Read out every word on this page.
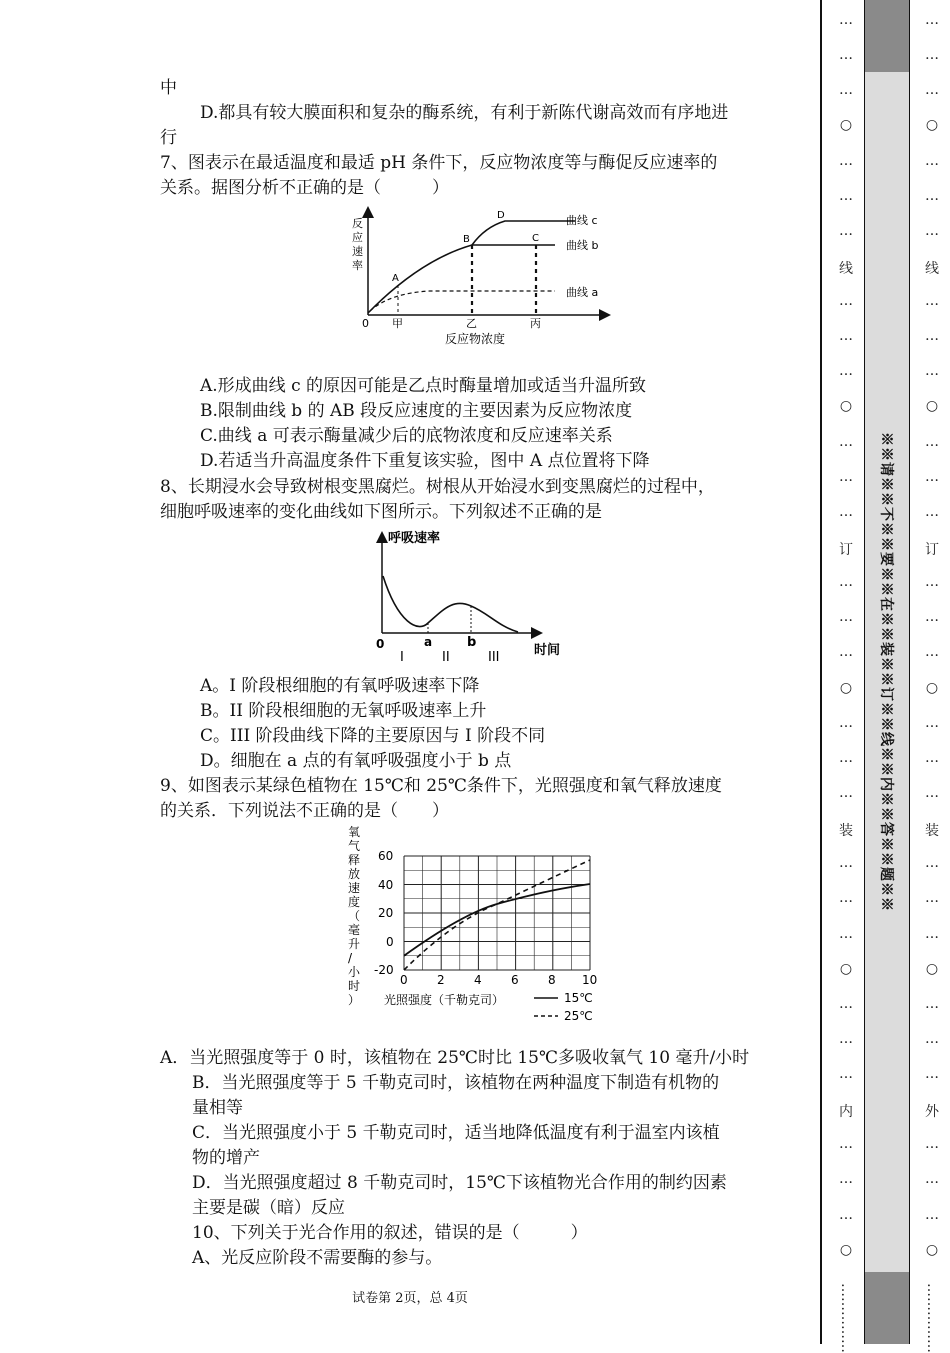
中
D.都具有较大膜面积和复杂的酶系统，有利于新陈代谢高效而有序地进
行
7、图表示在最适温度和最适 pH 条件下，反应物浓度等与酶促反应速率的
关系。据图分析不正确的是（　　　）
反
应
速
率
0 甲	乙	丙
反应物浓度
A
B	C
D	曲线 c
曲线 b
曲线 a
A.形成曲线 c 的原因可能是乙点时酶量增加或适当升温所致
B.限制曲线 b 的 AB 段反应速度的主要因素为反应物浓度
C.曲线 a 可表示酶量减少后的底物浓度和反应速率关系
D.若适当升高温度条件下重复该实验，图中 A 点位置将下降
8、长期浸水会导致树根变黑腐烂。树根从开始浸水到变黑腐烂的过程中，
细胞呼吸速率的变化曲线如下图所示。下列叙述不正确的是
呼吸速率
0	a	b
I	II	III	时间
A。I 阶段根细胞的有氧呼吸速率下降
B。II 阶段根细胞的无氧呼吸速率上升
C。III 阶段曲线下降的主要原因与 I 阶段不同
D。细胞在 a 点的有氧呼吸强度小于 b 点
9、如图表示某绿色植物在 15℃和 25℃条件下，光照强度和氧气释放速度
的关系．下列说法不正确的是（　　）
60
40
20
0
-20
0 2 4 6 8 10
氧
气
释
放
速
度
（
毫
升
/
小
时
） 光照强度（千勒克司）	15℃
25℃
A．当光照强度等于 0 时，该植物在 25℃时比 15℃多吸收氧气 10 毫升/小时
B．当光照强度等于 5 千勒克司时，该植物在两种温度下制造有机物的
量相等
C．当光照强度小于 5 千勒克司时，适当地降低温度有利于温室内该植
物的增产
D．当光照强度超过 8 千勒克司时，15℃下该植物光合作用的制约因素
主要是碳（暗）反应
10、下列关于光合作用的叙述，错误的是（　　　）
A、光反应阶段不需要酶的参与。
试卷第 2页，总 4页
…
…
…
○
…
…
…
线
…
…
…
○
…
…
…
订
…
…
…
○
…
…
…
装
…
…
…
○
…
…
…
内
…
…
…
○
……………
※※请※※不※※要※※在※※装※※订※※线※※内※※答※※题※※
…
…
…
○
…
…
…
线
…
…
…
○
…
…
…
订
…
…
…
○
…
…
…
装
…
…
…
○
…
…
…
外
…
…
…
○
……………
